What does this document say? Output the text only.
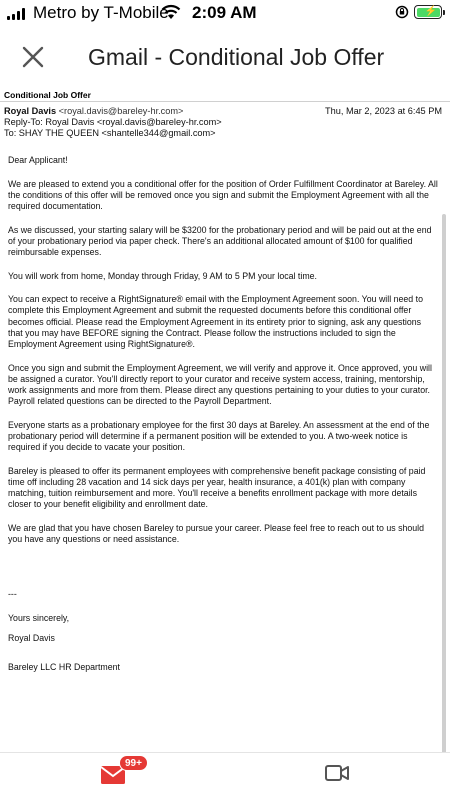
Metro by T-Mobile 2:09 AM	⚡
Gmail - Conditional Job Offer
Conditional Job Offer
Royal Davis <royal.davis@bareley-hr.com>
Reply-To: Royal Davis <royal.davis@bareley-hr.com>
To: SHAY THE QUEEN <shantelle344@gmail.com>
Thu, Mar 2, 2023 at 6:45 PM

Dear Applicant!

We are pleased to extend you a conditional offer for the position of Order Fulfillment Coordinator at Bareley. All the conditions of this offer will be removed once you sign and submit the Employment Agreement with all the required documentation.

As we discussed, your starting salary will be $3200 for the probationary period and will be paid out at the end of your probationary period via paper check. There's an additional allocated amount of $100 for qualified reimbursable expenses.

You will work from home, Monday through Friday, 9 AM to 5 PM your local time.

You can expect to receive a RightSignature® email with the Employment Agreement soon. You will need to complete this Employment Agreement and submit the requested documents before this conditional offer becomes official. Please read the Employment Agreement in its entirety prior to signing, ask any questions that you may have BEFORE signing the Contract. Please follow the instructions included to sign the Employment Agreement using RightSignature®.

Once you sign and submit the Employment Agreement, we will verify and approve it. Once approved, you will be assigned a curator. You'll directly report to your curator and receive system access, training, mentorship, work assignments and more from them. Please direct any questions pertaining to your duties to your curator. Payroll related questions can be directed to the Payroll Department.

Everyone starts as a probationary employee for the first 30 days at Bareley. An assessment at the end of the probationary period will determine if a permanent position will be extended to you. A two-week notice is required if you decide to vacate your position.

Bareley is pleased to offer its permanent employees with comprehensive benefit package consisting of paid time off including 28 vacation and 14 sick days per year, health insurance, a 401(k) plan with company matching, tuition reimbursement and more. You'll receive a benefits enrollment package with more details closer to your benefit eligibility and enrollment date.

We are glad that you have chosen Bareley to pursue your career. Please feel free to reach out to us should you have any questions or need assistance.

---

Yours sincerely,

Royal Davis

Bareley LLC HR Department

99+
